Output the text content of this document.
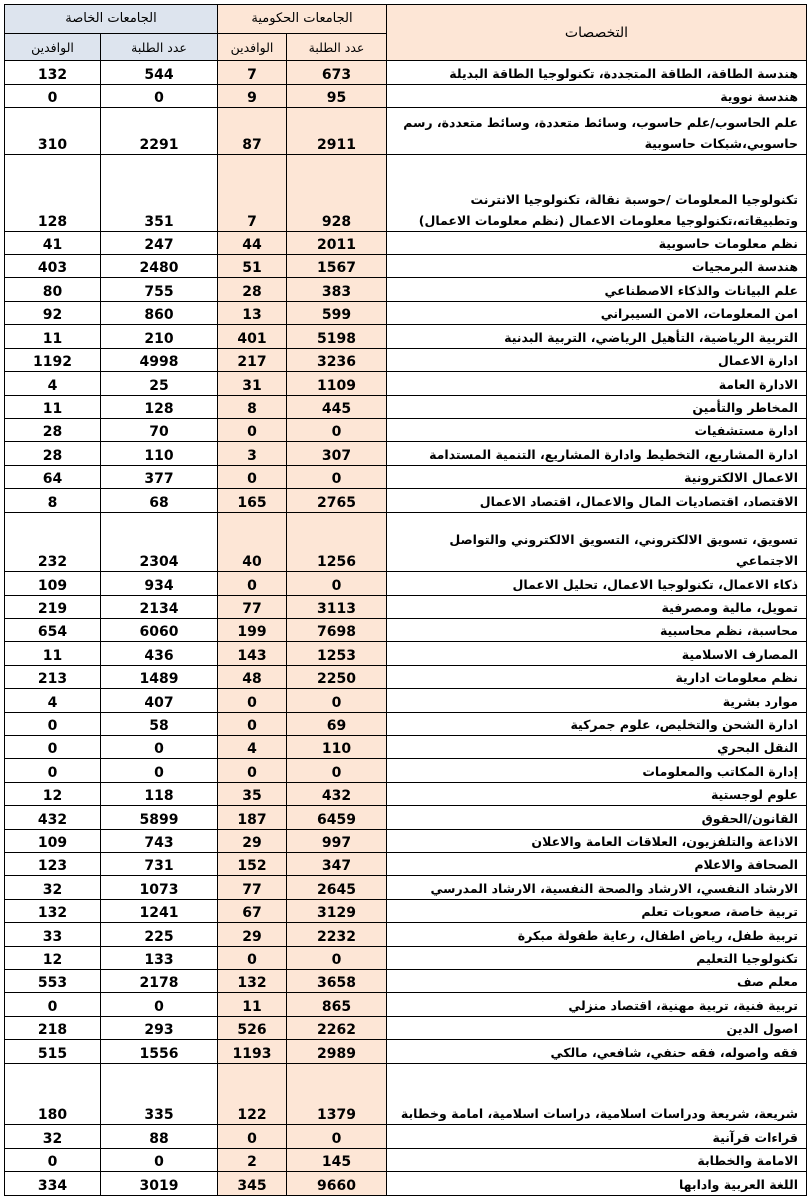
الجامعات الخاصة		الجامعات الحكومية		التخصصات
الوافدين	عدد الطلبة	الوافدين	عدد الطلبة	
132	544	7	673	هندسة الطاقة، الطاقة المتجددة، تكنولوجيا الطاقة البديلة
0	0	9	95	هندسة نووية
310	2291	87	2911	علم الحاسوب/علم حاسوب، وسائط متعددة، وسائط متعددة، رسم حاسوبي،شبكات حاسوبية
128	351	7	928	تكنولوجيا المعلومات /حوسبة نقالة، تكنولوجيا الانترنت وتطبيقاته،تكنولوجيا معلومات الاعمال (نظم معلومات الاعمال)
41	247	44	2011	نظم معلومات حاسوبية
403	2480	51	1567	هندسة البرمجيات
80	755	28	383	علم البيانات والذكاء الاصطناعي
92	860	13	599	امن المعلومات، الامن السيبراني
11	210	401	5198	التربية الرياضية، التأهيل الرياضي، التربية البدنية
1192	4998	217	3236	ادارة الاعمال
4	25	31	1109	الادارة العامة
11	128	8	445	المخاطر والتأمين
28	70	0	0	ادارة مستشفيات
28	110	3	307	ادارة المشاريع، التخطيط وادارة المشاريع، التنمية المستدامة
64	377	0	0	الاعمال الالكترونية
8	68	165	2765	الاقتصاد، اقتصاديات المال والاعمال، اقتصاد الاعمال
232	2304	40	1256	تسويق، تسويق الالكتروني، التسويق الالكتروني والتواصل الاجتماعي
109	934	0	0	ذكاء الاعمال، تكنولوجيا الاعمال، تحليل الاعمال
219	2134	77	3113	تمويل، مالية ومصرفية
654	6060	199	7698	محاسبة، نظم محاسبية
11	436	143	1253	المصارف الاسلامية
213	1489	48	2250	نظم معلومات ادارية
4	407	0	0	موارد بشرية
0	58	0	69	ادارة الشحن والتخليص، علوم جمركية
0	0	4	110	النقل البحري
0	0	0	0	إدارة المكاتب والمعلومات
12	118	35	432	علوم لوجستية
432	5899	187	6459	القانون/الحقوق
109	743	29	997	الاذاعة والتلفزيون، العلاقات العامة والاعلان
123	731	152	347	الصحافة والاعلام
32	1073	77	2645	الارشاد النفسي، الارشاد والصحة النفسية، الارشاد المدرسي
132	1241	67	3129	تربية خاصة، صعوبات تعلم
33	225	29	2232	تربية طفل، رياض اطفال، رعاية طفولة مبكرة
12	133	0	0	تكنولوجيا التعليم
553	2178	132	3658	معلم صف
0	0	11	865	تربية فنية، تربية مهنية، اقتصاد منزلي
218	293	526	2262	اصول الدين
515	1556	1193	2989	فقه واصوله، فقه حنفي، شافعي، مالكي
180	335	122	1379	شريعة، شريعة ودراسات اسلامية، دراسات اسلامية، امامة وخطابة
32	88	0	0	قراءات قرآنية
0	0	2	145	الامامة والخطابة
334	3019	345	9660	اللغة العربية وادابها
